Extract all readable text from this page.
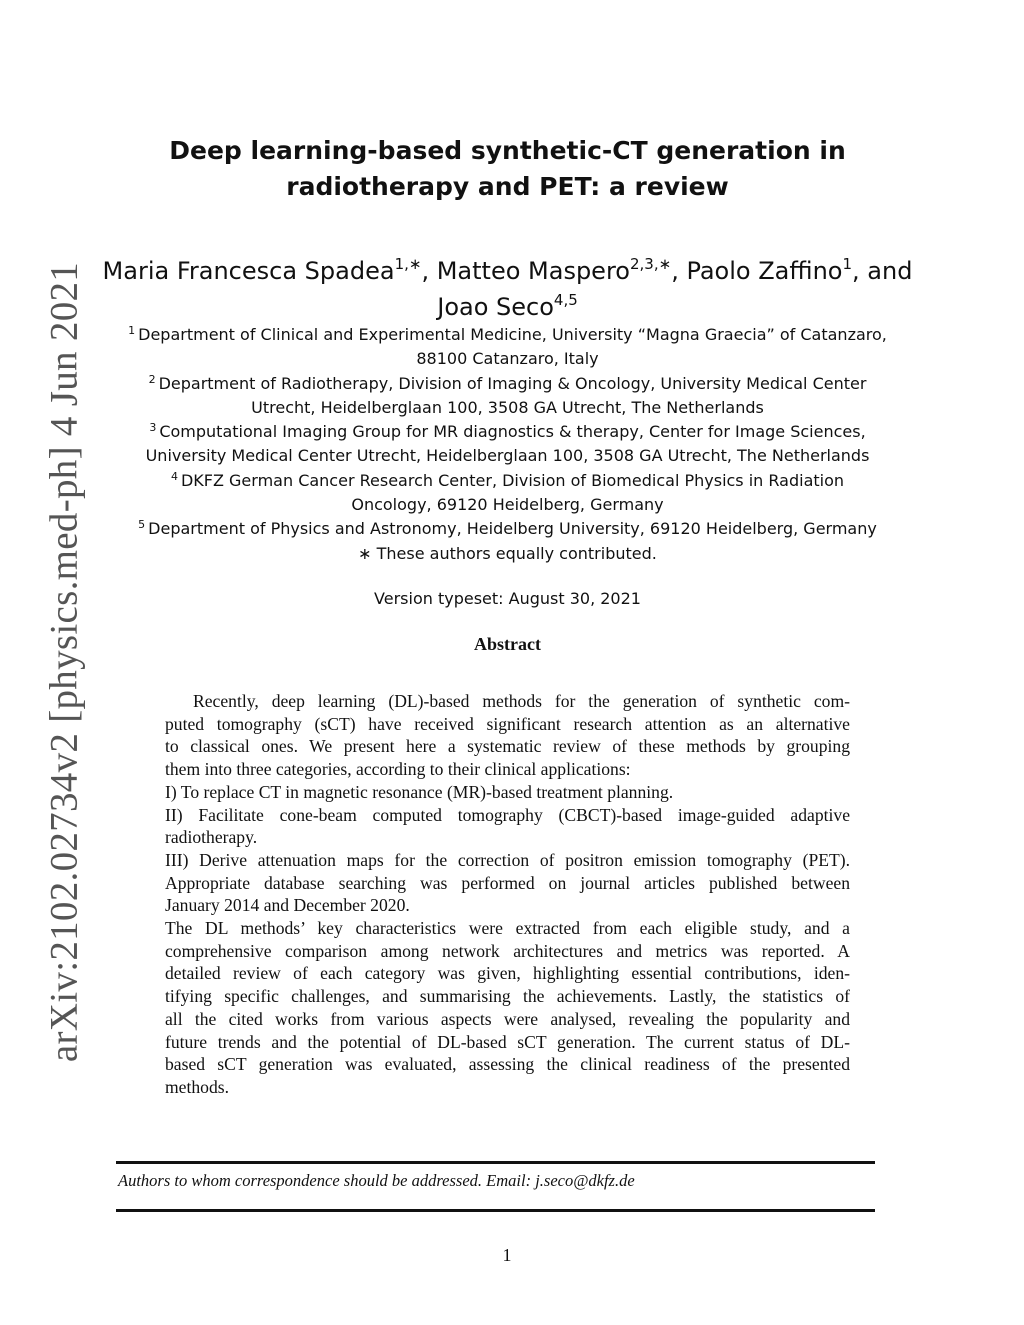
arXiv:2102.02734v2 [physics.med-ph] 4 Jun 2021
Deep learning-based synthetic-CT generation in
radiotherapy and PET: a review
Maria Francesca Spadea$^{1,∗}$, Matteo Maspero$^{2,3,∗}$, Paolo Zaffino$^1$, and
Joao Seco$^{4,5}$
$^1$ Department of Clinical and Experimental Medicine, University “Magna Graecia” of Catanzaro,
88100 Catanzaro, Italy
$^2$ Department of Radiotherapy, Division of Imaging & Oncology, University Medical Center
Utrecht, Heidelberglaan 100, 3508 GA Utrecht, The Netherlands
$^3$ Computational Imaging Group for MR diagnostics & therapy, Center for Image Sciences,
University Medical Center Utrecht, Heidelberglaan 100, 3508 GA Utrecht, The Netherlands
$^4$ DKFZ German Cancer Research Center, Division of Biomedical Physics in Radiation
Oncology, 69120 Heidelberg, Germany
$^5$ Department of Physics and Astronomy, Heidelberg University, 69120 Heidelberg, Germany
∗ These authors equally contributed.
Version typeset: August 30, 2021
Abstract
Recently, deep learning (DL)-based methods for the generation of synthetic com-
puted tomography (sCT) have received significant research attention as an alternative
to classical ones. We present here a systematic review of these methods by grouping
them into three categories, according to their clinical applications:
I) To replace CT in magnetic resonance (MR)-based treatment planning.
II) Facilitate cone-beam computed tomography (CBCT)-based image-guided adaptive
radiotherapy.
III) Derive attenuation maps for the correction of positron emission tomography (PET).
Appropriate database searching was performed on journal articles published between
January 2014 and December 2020.
The DL methods’ key characteristics were extracted from each eligible study, and a
comprehensive comparison among network architectures and metrics was reported. A
detailed review of each category was given, highlighting essential contributions, iden-
tifying specific challenges, and summarising the achievements. Lastly, the statistics of
all the cited works from various aspects were analysed, revealing the popularity and
future trends and the potential of DL-based sCT generation. The current status of DL-
based sCT generation was evaluated, assessing the clinical readiness of the presented
methods.
Authors to whom correspondence should be addressed. Email: j.seco@dkfz.de
1
